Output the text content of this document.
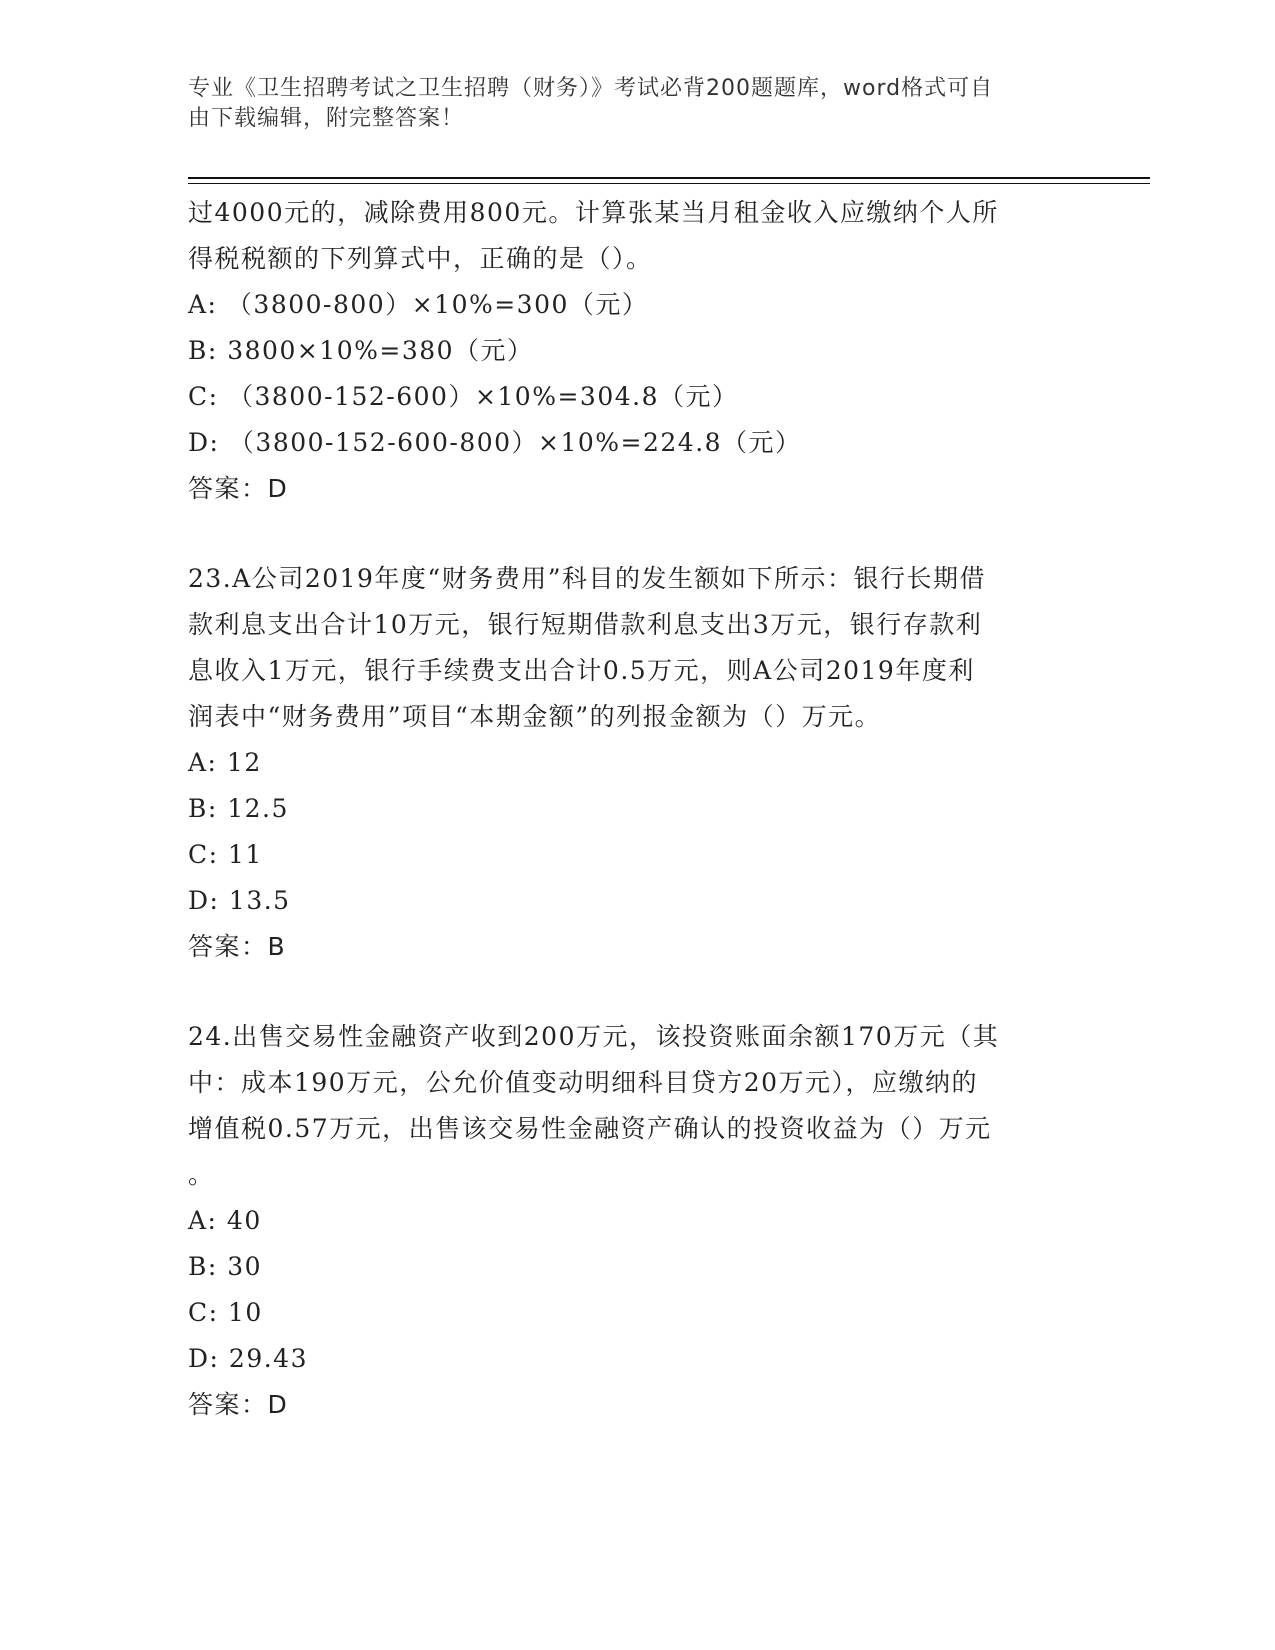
专业《卫生招聘考试之卫生招聘（财务）》考试必背200题题库，word格式可自
由下载编辑，附完整答案！
过4000元的，减除费用800元。计算张某当月租金收入应缴纳个人所
得税税额的下列算式中，正确的是（）。
A: （3800-800）×10%=300（元）
B: 3800×10%=380（元）
C: （3800-152-600）×10%=304.8（元）
D: （3800-152-600-800）×10%=224.8（元）
答案：D
23.A公司2019年度“财务费用”科目的发生额如下所示：银行长期借
款利息支出合计10万元，银行短期借款利息支出3万元，银行存款利
息收入1万元，银行手续费支出合计0.5万元，则A公司2019年度利
润表中“财务费用”项目“本期金额”的列报金额为（）万元。
A: 12
B: 12.5
C: 11
D: 13.5
答案：B
24.出售交易性金融资产收到200万元，该投资账面余额170万元（其
中：成本190万元，公允价值变动明细科目贷方20万元），应缴纳的
增值税0.57万元，出售该交易性金融资产确认的投资收益为（）万元
。
A: 40
B: 30
C: 10
D: 29.43
答案：D
